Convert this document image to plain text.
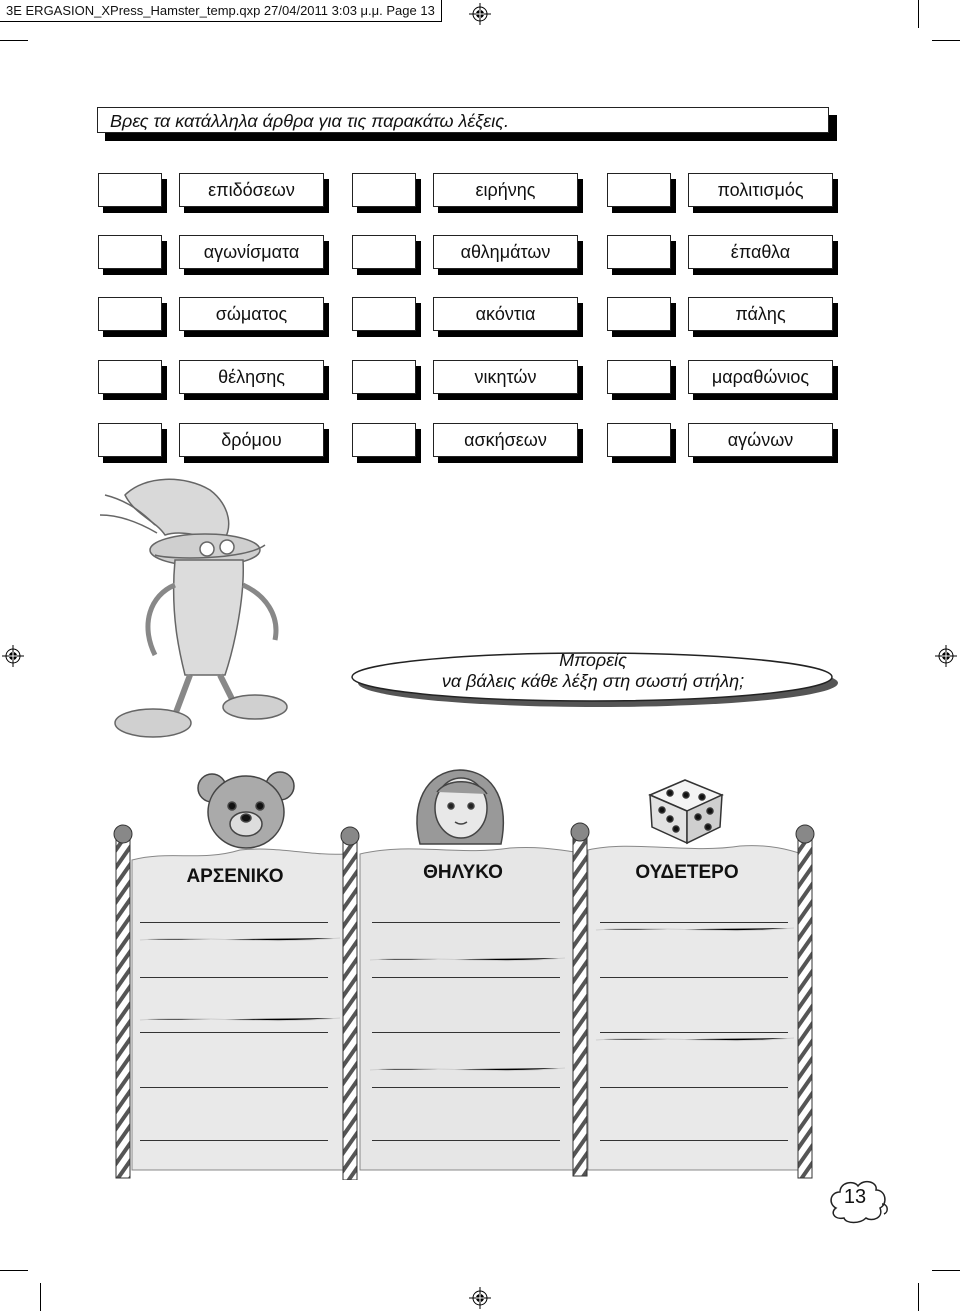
3E ERGASION_XPress_Hamster_temp.qxp 27/04/2011 3:03 μ.μ. Page 13
Βρες τα κατάλληλα άρθρα για τις παρακάτω λέξεις.
επιδόσεων	ειρήνης	πολιτισμός
αγωνίσματα	αθλημάτων	έπαθλα
σώματος	ακόντια	πάλης
θέλησης	νικητών	μαραθώνιος
δρόμου	ασκήσεων	αγώνων
Μπορείς
να βάλεις κάθε λέξη στη σωστή στήλη;
ΑΡΣΕΝΙΚΟ	ΘΗΛΥΚΟ	ΟΥΔΕΤΕΡΟ
13
